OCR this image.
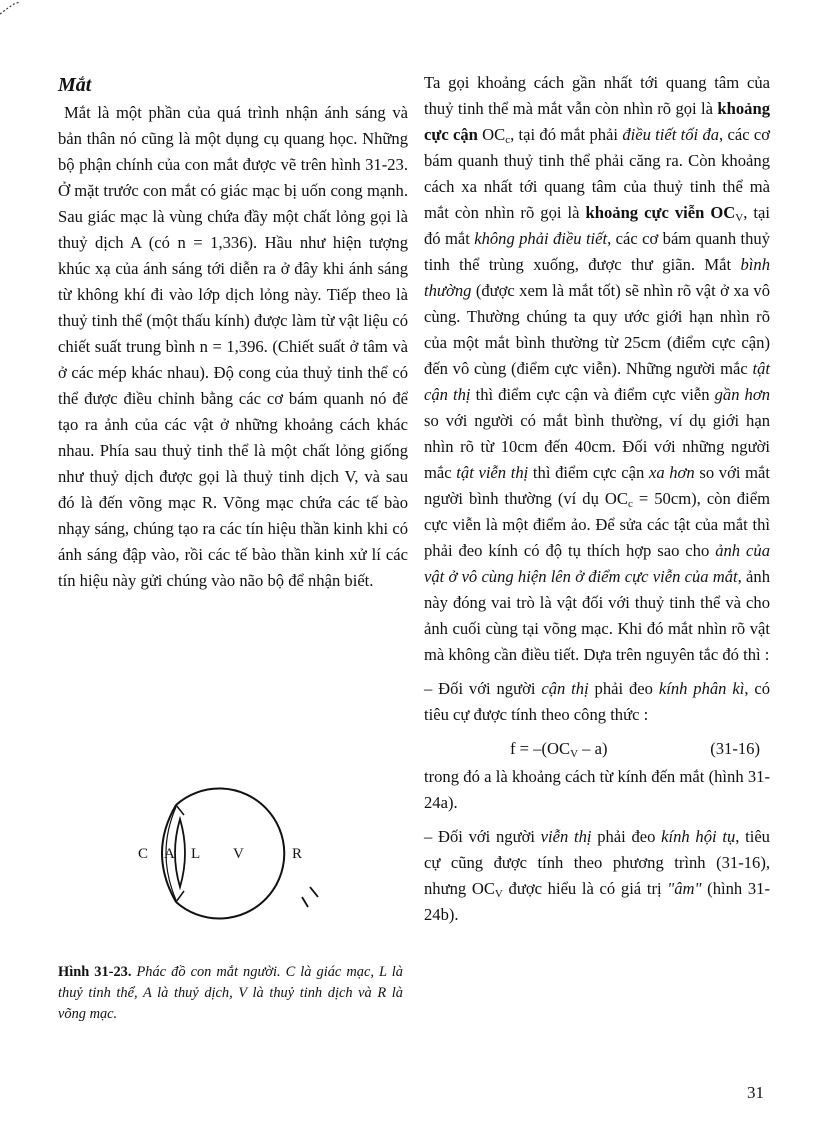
Mắt

Mắt là một phần của quá trình nhận ánh sáng và bản thân nó cũng là một dụng cụ quang học. Những bộ phận chính của con mắt được vẽ trên hình 31-23. Ở mặt trước con mắt có giác mạc bị uốn cong mạnh. Sau giác mạc là vùng chứa đầy một chất lỏng gọi là thuỷ dịch A (có n = 1,336). Hầu như hiện tượng khúc xạ của ánh sáng tới diễn ra ở đây khi ánh sáng từ không khí đi vào lớp dịch lỏng này. Tiếp theo là thuỷ tinh thể (một thấu kính) được làm từ vật liệu có chiết suất trung bình n = 1,396. (Chiết suất ở tâm và ở các mép khác nhau). Độ cong của thuỷ tinh thể có thể được điều chỉnh bằng các cơ bám quanh nó để tạo ra ảnh của các vật ở những khoảng cách khác nhau. Phía sau thuỷ tinh thể là một chất lỏng giống như thuỷ dịch được gọi là thuỷ tinh dịch V, và sau đó là đến võng mạc R. Võng mạc chứa các tế bào nhạy sáng, chúng tạo ra các tín hiệu thần kinh khi có ánh sáng đập vào, rồi các tế bào thần kinh xử lí các tín hiệu này gửi chúng vào não bộ để nhận biết.

C A L V	R
Hình 31-23. Phác đồ con mắt người. C là giác mạc, L là thuỷ tinh thể, A là thuỷ dịch, V là thuỷ tinh dịch và R là võng mạc.

Ta gọi khoảng cách gần nhất tới quang tâm của thuỷ tinh thể mà mắt vẫn còn nhìn rõ gọi là khoảng cực cận $OC_c$, tại đó mắt phải điều tiết tối đa, các cơ bám quanh thuỷ tinh thể phải căng ra. Còn khoảng cách xa nhất tới quang tâm của thuỷ tinh thể mà mắt còn nhìn rõ gọi là khoảng cực viễn $OC_V$, tại đó mắt không phải điều tiết, các cơ bám quanh thuỷ tinh thể trùng xuống, được thư giãn. Mắt bình thường (được xem là mắt tốt) sẽ nhìn rõ vật ở xa vô cùng. Thường chúng ta quy ước giới hạn nhìn rõ của một mắt bình thường từ 25cm (điểm cực cận) đến vô cùng (điểm cực viễn). Những người mắc tật cận thị thì điểm cực cận và điểm cực viễn gần hơn so với người có mắt bình thường, ví dụ giới hạn nhìn rõ từ 10cm đến 40cm. Đối với những người mắc tật viễn thị thì điểm cực cận xa hơn so với mắt người bình thường (ví dụ $OC_c = 50cm$), còn điểm cực viễn là một điểm ảo. Để sửa các tật của mắt thì phải đeo kính có độ tụ thích hợp sao cho ảnh của vật ở vô cùng hiện lên ở điểm cực viễn của mắt, ảnh này đóng vai trò là vật đối với thuỷ tinh thể và cho ảnh cuối cùng tại võng mạc. Khi đó mắt nhìn rõ vật mà không cần điều tiết. Dựa trên nguyên tắc đó thì :

– Đối với người cận thị phải đeo kính phân kì, có tiêu cự được tính theo công thức :

$f = -(OC_V - a)$	(31-16)

trong đó a là khoảng cách từ kính đến mắt (hình 31-24a).

– Đối với người viễn thị phải đeo kính hội tụ, tiêu cự cũng được tính theo phương trình (31-16), nhưng $OC_V$ được hiểu là có giá trị "âm" (hình 31-24b).

31
